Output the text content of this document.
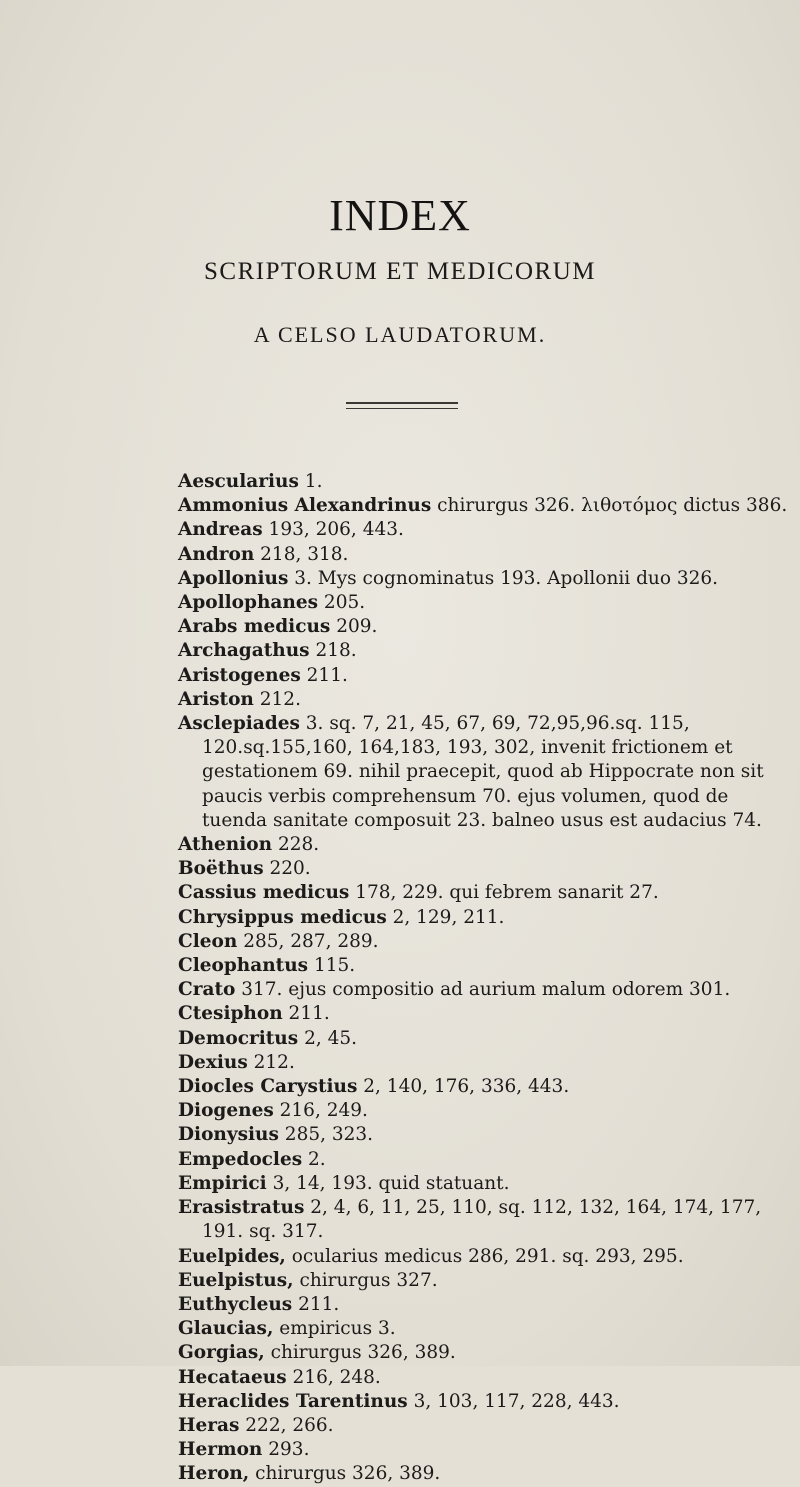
INDEX
SCRIPTORUM ET MEDICORUM
A CELSO LAUDATORUM.

Aescularius 1.

Ammonius Alexandrinus chirurgus 326. λιθοτόμος dictus 386.

Andreas 193, 206, 443.

Andron 218, 318.

Apollonius 3. Mys cognominatus 193. Apollonii duo 326.

Apollophanes 205.

Arabs medicus 209.

Archagathus 218.

Aristogenes 211.

Ariston 212.

Asclepiades 3. sq. 7, 21, 45, 67, 69, 72,95,96.sq. 115, 120.sq.155,160, 164,183, 193, 302, invenit frictionem et gestationem 69. nihil praecepit, quod ab Hippocrate non sit paucis verbis comprehensum 70. ejus volumen, quod de tuenda sanitate composuit 23. balneo usus est audacius 74.

Athenion 228.

Boëthus 220.

Cassius medicus 178, 229. qui febrem sanarit 27.

Chrysippus medicus 2, 129, 211.

Cleon 285, 287, 289.

Cleophantus 115.

Crato 317. ejus compositio ad aurium malum odorem 301.

Ctesiphon 211.

Democritus 2, 45.

Dexius 212.

Diocles Carystius 2, 140, 176, 336, 443.

Diogenes 216, 249.

Dionysius 285, 323.

Empedocles 2.

Empirici 3, 14, 193. quid statuant.

Erasistratus 2, 4, 6, 11, 25, 110, sq. 112, 132, 164, 174, 177, 191. sq. 317.

Euelpides, ocularius medicus 286, 291. sq. 293, 295.

Euelpistus, chirurgus 327.

Euthycleus 211.

Glaucias, empiricus 3.

Gorgias, chirurgus 326, 389.

Hecataeus 216, 248.

Heraclides Tarentinus 3, 103, 117, 228, 443.

Heras 222, 266.

Hermon 293.

Heron, chirurgus 326, 389.
